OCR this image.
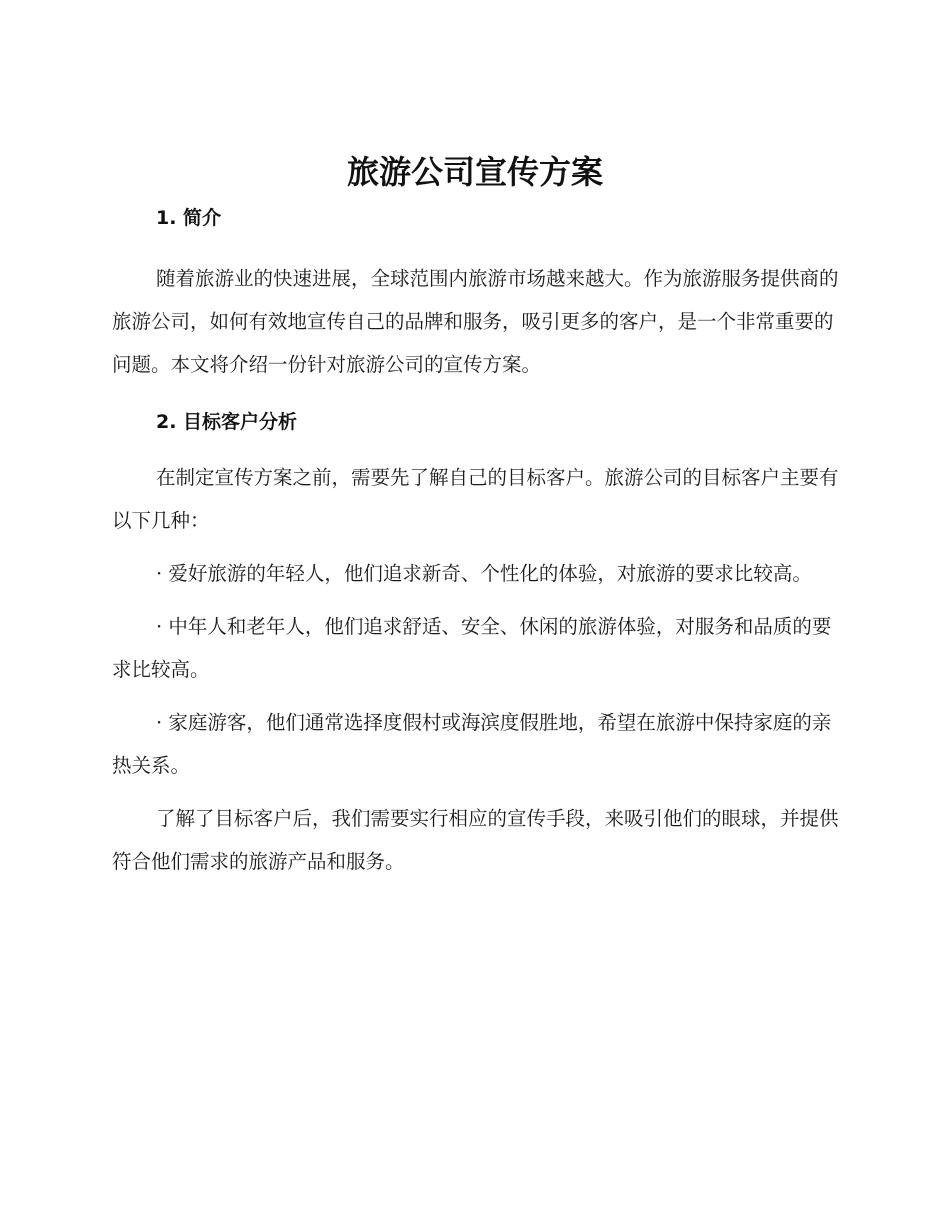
旅游公司宣传方案
1. 简介

随着旅游业的快速进展，全球范围内旅游市场越来越大。作为旅游服务提供商的旅游公司，如何有效地宣传自己的品牌和服务，吸引更多的客户，是一个非常重要的问题。本文将介绍一份针对旅游公司的宣传方案。

2. 目标客户分析

在制定宣传方案之前，需要先了解自己的目标客户。旅游公司的目标客户主要有以下几种：

· 爱好旅游的年轻人，他们追求新奇、个性化的体验，对旅游的要求比较高。

· 中年人和老年人，他们追求舒适、安全、休闲的旅游体验，对服务和品质的要求比较高。

· 家庭游客，他们通常选择度假村或海滨度假胜地，希望在旅游中保持家庭的亲热关系。

了解了目标客户后，我们需要实行相应的宣传手段，来吸引他们的眼球，并提供符合他们需求的旅游产品和服务。
